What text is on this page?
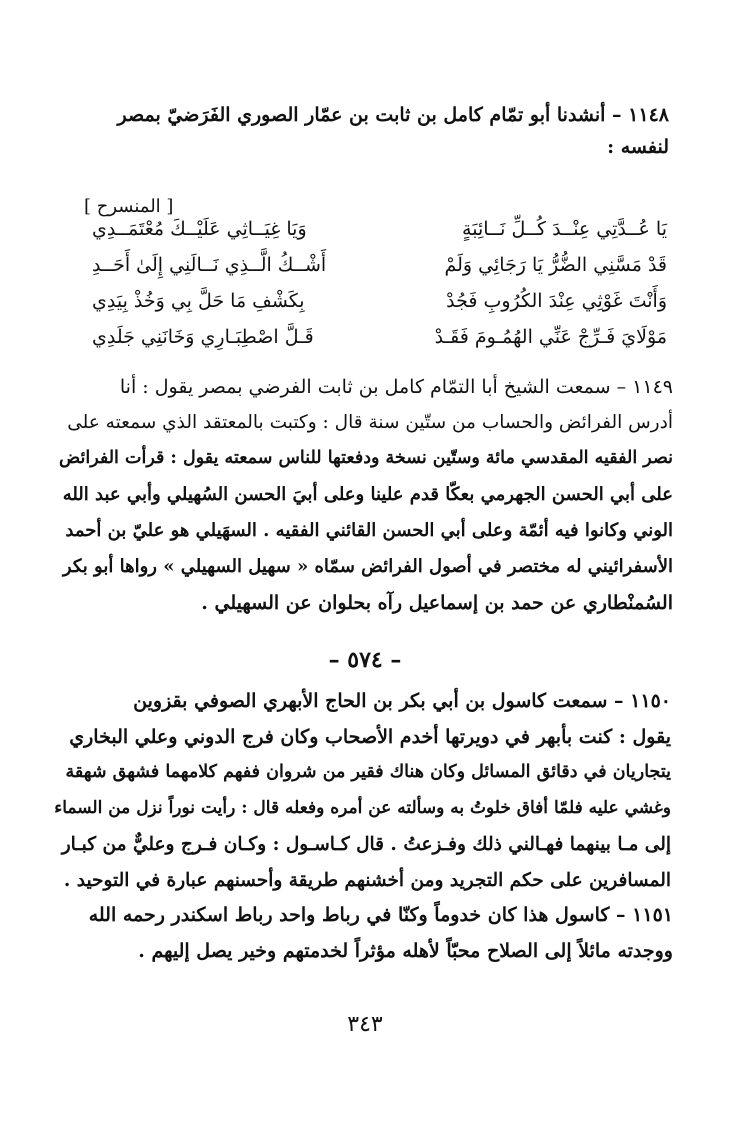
١١٤٨ – أنشدنا أبو تمّام كامل بن ثابت بن عمّار الصوري الفَرَضيّ بمصر
لنفسه :
[ المنسرح ]
يَا عُــدَّتِي عِنْــدَ كُــلِّ نَــائِبَةٍ
وَيَا غِيَــاثِي عَلَيْــكَ مُعْتَمَــدِي
قَدْ مَسَّنِي الضُّرُّ يَا رَجَائِي وَلَمْ
أَشْــكُ الَّــذِي نَــالَنِي إِلَىٰ أَحَــدِ
وَأَنْتَ غَوْثِي عِنْدَ الكُرُوبِ فَجُدْ
بِكَشْفِ مَا حَلَّ بِي وَخُذْ بِيَدِي
مَوْلَايَ فَـرِّجْ عَنِّي الهُمُـومَ فَقَـدْ
قَـلَّ اصْطِبَـارِي وَخَانَنِي جَلَدِي
١١٤٩ – سمعت الشيخ أبا التمّام كامل بن ثابت الفرضي بمصر يقول : أنا
أدرس الفرائض والحساب من ستّين سنة قال : وكتبت بالمعتقد الذي سمعته على
نصر الفقيه المقدسي مائة وستّين نسخة ودفعتها للناس سمعته يقول : قرأت الفرائض
على أبي الحسن الجهرمي بعكّا قدم علينا وعلى أبيَ الحسن السُهيلي وأبي عبد الله
الوني وكانوا فيه أئمّة وعلى أبي الحسن القائني الفقيه . السهَيلي هو عليّ بن أحمد
الأسفرائيني له مختصر في أصول الفرائض سمّاه « سهيل السهيلي » رواها أبو بكر
السُمنْطاري عن حمد بن إسماعيل رآه بحلوان عن السهيلي .
– ٥٧٤ –
١١٥٠ – سمعت كاسول بن أبي بكر بن الحاج الأبهري الصوفي بقزوين
يقول : كنت بأبهر في دويرتها أخدم الأصحاب وكان فرج الدوني وعلي البخاري
يتجاريان في دقائق المسائل وكان هناك فقير من شروان ففهم كلامهما فشهق شهقة
وغشي عليه فلمّا أفاق خلوتُ به وسألته عن أمره وفعله قال : رأيت نوراً نزل من السماء
إلى مـا بينهما فهـالني ذلك وفـزعتُ . قال كـاسـول : وكـان فـرج وعليٌّ من كبـار
المسافرين على حكم التجريد ومن أخشنهم طريقة وأحسنهم عبارة في التوحيد .
١١٥١ – كاسول هذا كان خدوماً وكنّا في رباط واحد رباط اسكندر رحمه الله
ووجدته مائلاً إلى الصلاح محبّاً لأهله مؤثراً لخدمتهم وخير يصل إليهم .
٣٤٣
